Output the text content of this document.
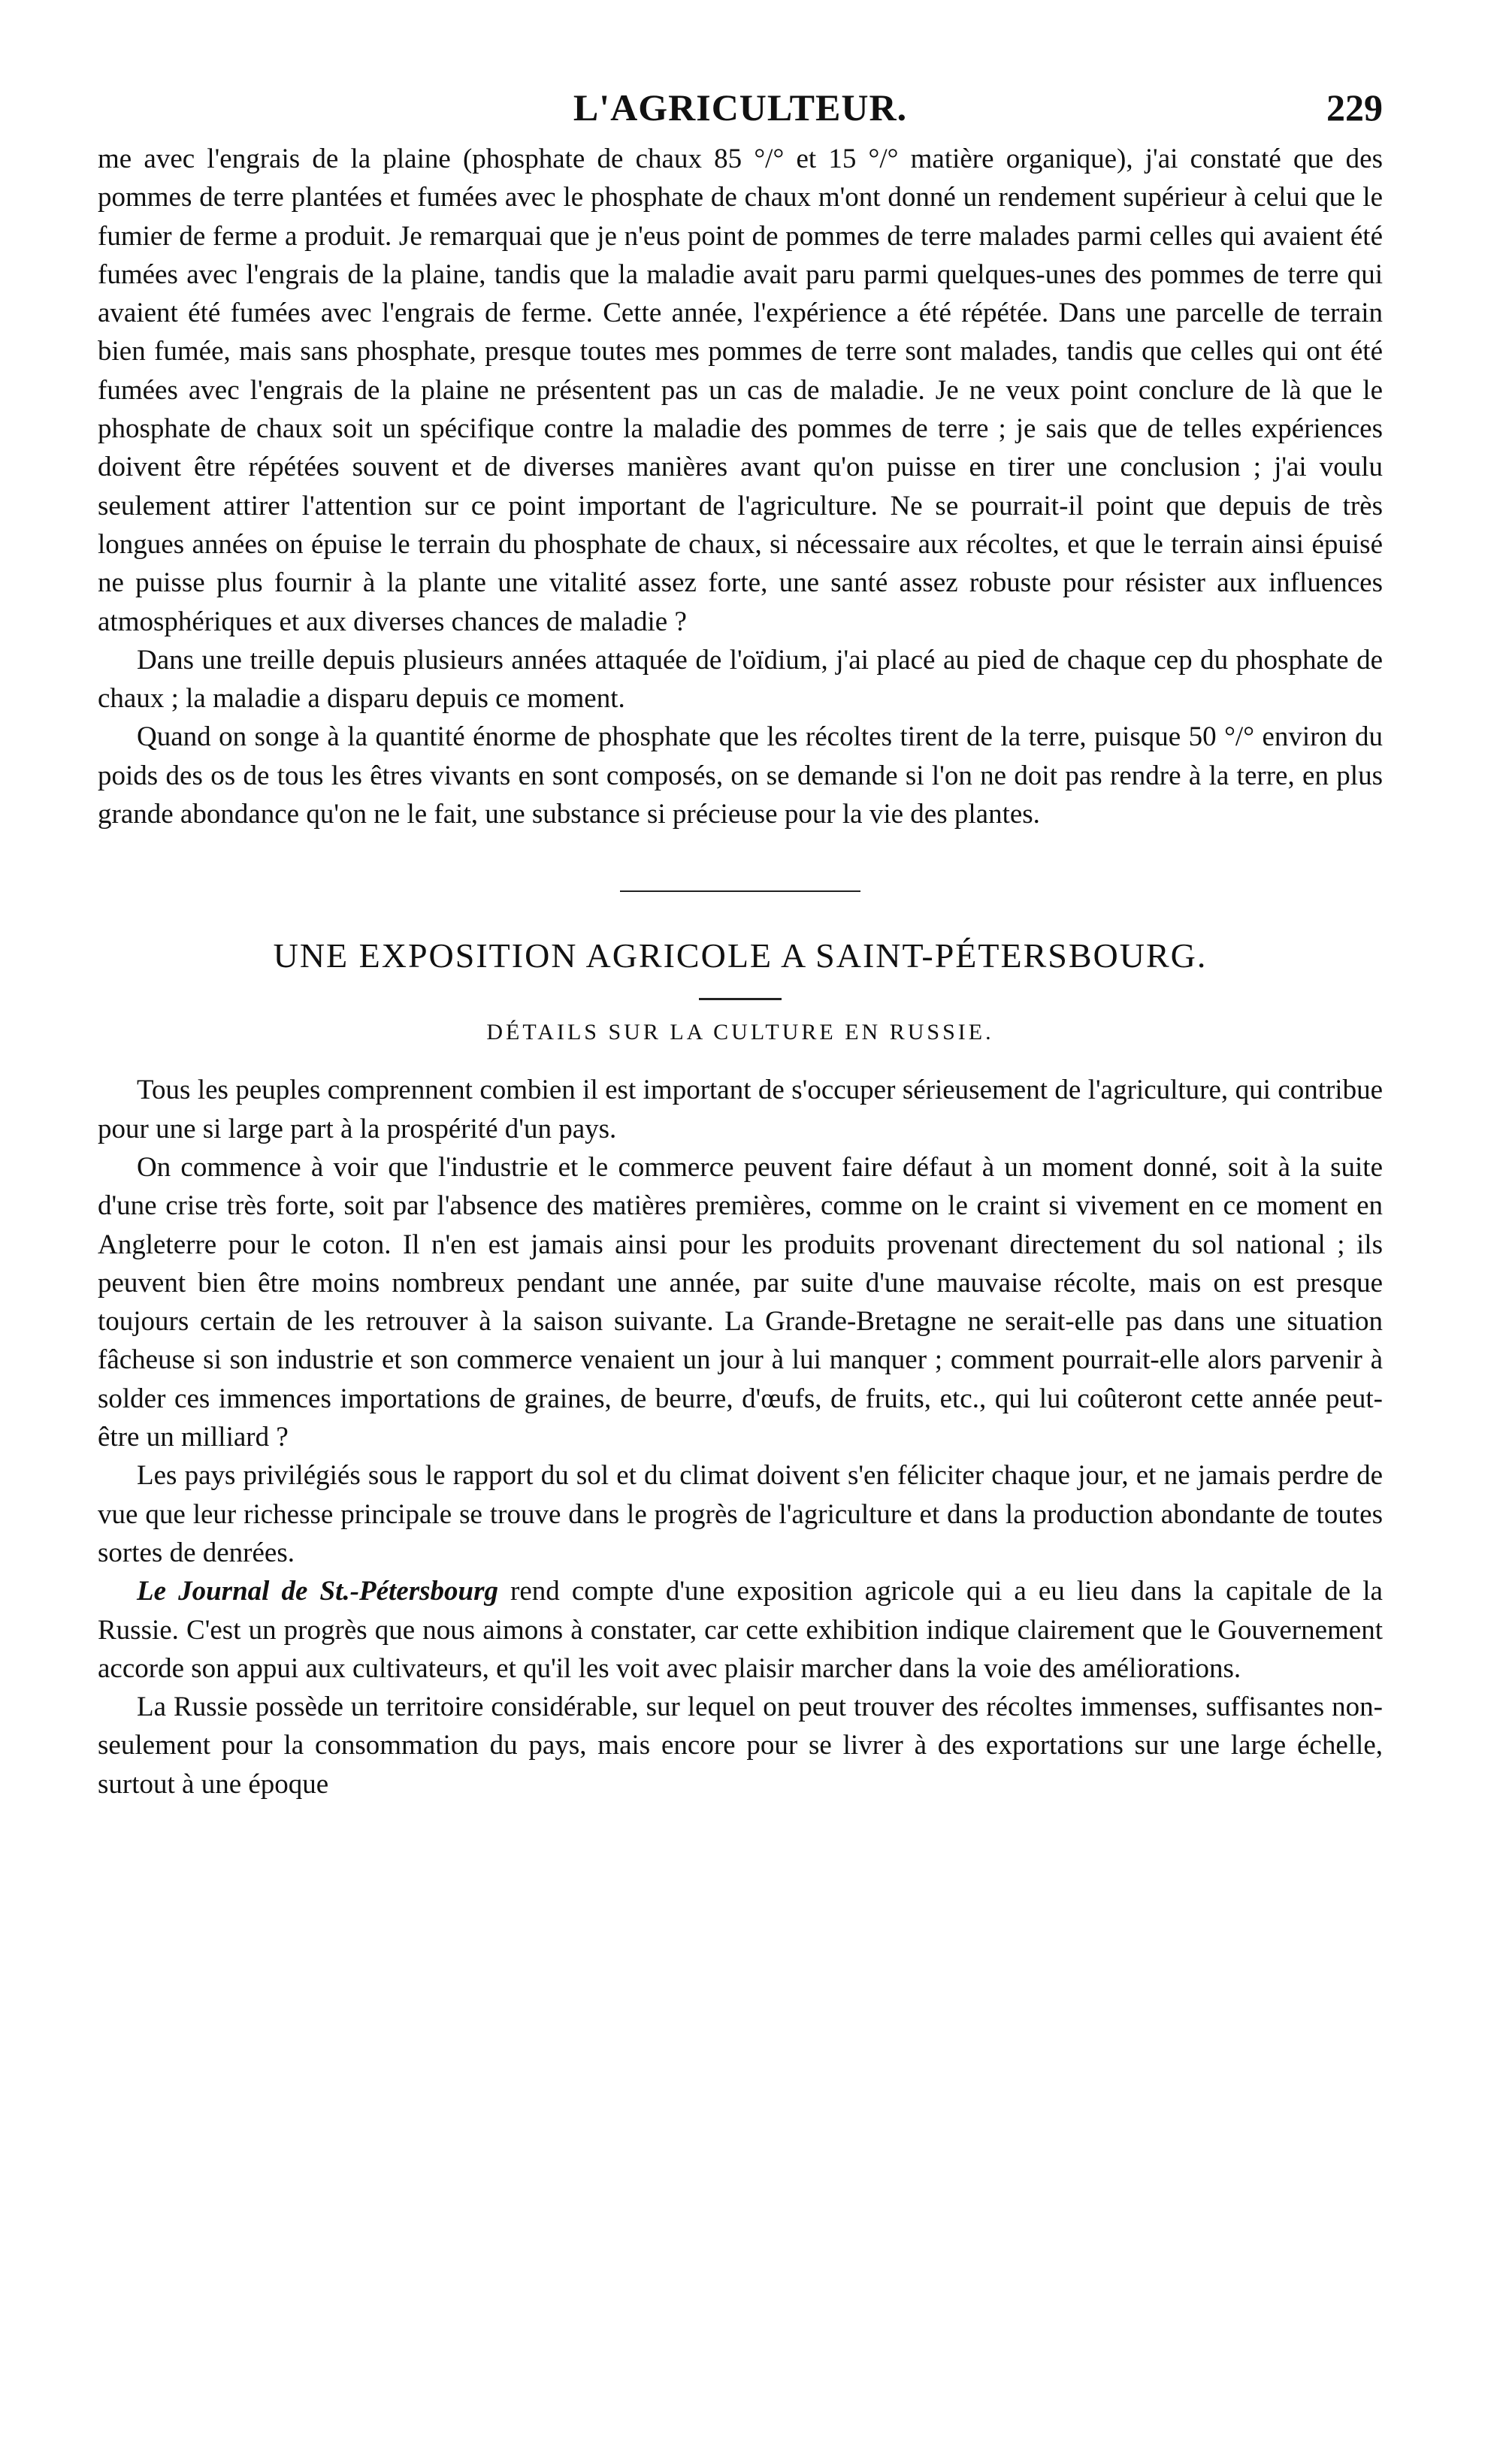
L'AGRICULTEUR.	229

me avec l'engrais de la plaine (phosphate de chaux 85 °/° et 15 °/° matière organique), j'ai constaté que des pommes de terre plantées et fumées avec le phosphate de chaux m'ont donné un rendement supérieur à celui que le fumier de ferme a produit. Je remarquai que je n'eus point de pommes de terre malades parmi celles qui avaient été fumées avec l'engrais de la plaine, tandis que la maladie avait paru parmi quelques-unes des pommes de terre qui avaient été fumées avec l'engrais de ferme. Cette année, l'expérience a été répétée. Dans une parcelle de terrain bien fumée, mais sans phosphate, presque toutes mes pommes de terre sont malades, tandis que celles qui ont été fumées avec l'engrais de la plaine ne présentent pas un cas de maladie. Je ne veux point conclure de là que le phosphate de chaux soit un spécifique contre la maladie des pommes de terre ; je sais que de telles expériences doivent être répétées souvent et de diverses manières avant qu'on puisse en tirer une conclusion ; j'ai voulu seulement attirer l'attention sur ce point important de l'agriculture. Ne se pourrait-il point que depuis de très longues années on épuise le terrain du phosphate de chaux, si nécessaire aux récoltes, et que le terrain ainsi épuisé ne puisse plus fournir à la plante une vitalité assez forte, une santé assez robuste pour résister aux influences atmosphériques et aux diverses chances de maladie ?

Dans une treille depuis plusieurs années attaquée de l'oïdium, j'ai placé au pied de chaque cep du phosphate de chaux ; la maladie a disparu depuis ce moment.

Quand on songe à la quantité énorme de phosphate que les récoltes tirent de la terre, puisque 50 °/° environ du poids des os de tous les êtres vivants en sont composés, on se demande si l'on ne doit pas rendre à la terre, en plus grande abondance qu'on ne le fait, une substance si précieuse pour la vie des plantes.

UNE EXPOSITION AGRICOLE A SAINT-PÉTERSBOURG.
DÉTAILS SUR LA CULTURE EN RUSSIE.

Tous les peuples comprennent combien il est important de s'occuper sérieusement de l'agriculture, qui contribue pour une si large part à la prospérité d'un pays.

On commence à voir que l'industrie et le commerce peuvent faire défaut à un moment donné, soit à la suite d'une crise très forte, soit par l'absence des matières premières, comme on le craint si vivement en ce moment en Angleterre pour le coton. Il n'en est jamais ainsi pour les produits provenant directement du sol national ; ils peuvent bien être moins nombreux pendant une année, par suite d'une mauvaise récolte, mais on est presque toujours certain de les retrouver à la saison suivante. La Grande-Bretagne ne serait-elle pas dans une situation fâcheuse si son industrie et son commerce venaient un jour à lui manquer ; comment pourrait-elle alors parvenir à solder ces immences importations de graines, de beurre, d'œufs, de fruits, etc., qui lui coûteront cette année peut-être un milliard ?

Les pays privilégiés sous le rapport du sol et du climat doivent s'en féliciter chaque jour, et ne jamais perdre de vue que leur richesse principale se trouve dans le progrès de l'agriculture et dans la production abondante de toutes sortes de denrées.

Le Journal de St.-Pétersbourg rend compte d'une exposition agricole qui a eu lieu dans la capitale de la Russie. C'est un progrès que nous aimons à constater, car cette exhibition indique clairement que le Gouvernement accorde son appui aux cultivateurs, et qu'il les voit avec plaisir marcher dans la voie des améliorations.

La Russie possède un territoire considérable, sur lequel on peut trouver des récoltes immenses, suffisantes non-seulement pour la consommation du pays, mais encore pour se livrer à des exportations sur une large échelle, surtout à une époque
